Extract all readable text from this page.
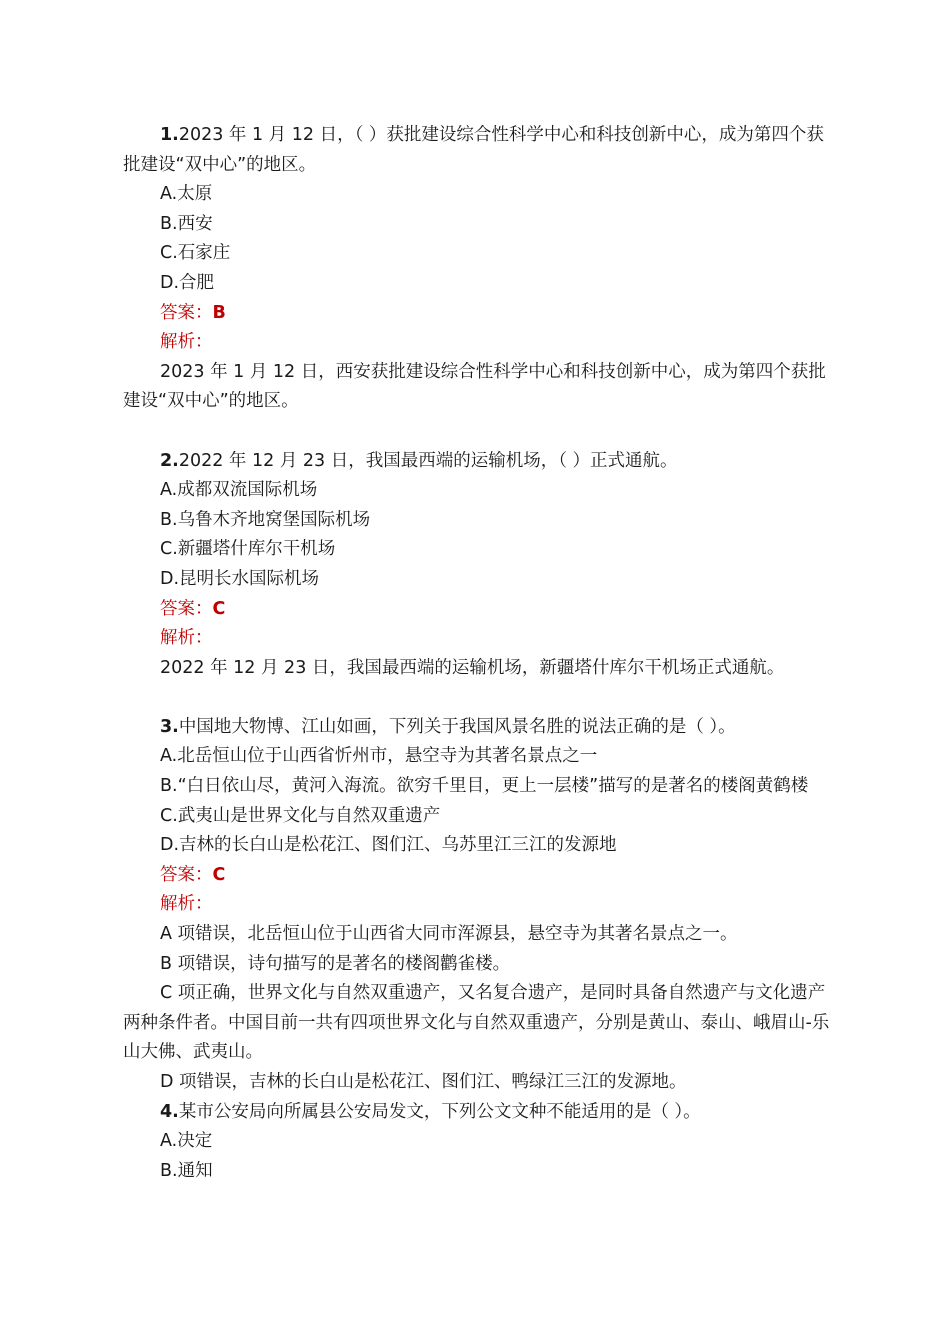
1.2023 年 1 月 12 日，（ ）获批建设综合性科学中心和科技创新中心，成为第四个获批建设“双中心”的地区。

A.太原

B.西安

C.石家庄

D.合肥

答案：B

解析：

2023 年 1 月 12 日，西安获批建设综合性科学中心和科技创新中心，成为第四个获批建设“双中心”的地区。

2.2022 年 12 月 23 日，我国最西端的运输机场，（ ）正式通航。

A.成都双流国际机场

B.乌鲁木齐地窝堡国际机场

C.新疆塔什库尔干机场

D.昆明长水国际机场

答案：C

解析：

2022 年 12 月 23 日，我国最西端的运输机场，新疆塔什库尔干机场正式通航。

3.中国地大物博、江山如画，下列关于我国风景名胜的说法正确的是（ ）。

A.北岳恒山位于山西省忻州市，悬空寺为其著名景点之一

B.“白日依山尽，黄河入海流。欲穷千里目，更上一层楼”描写的是著名的楼阁黄鹤楼

C.武夷山是世界文化与自然双重遗产

D.吉林的长白山是松花江、图们江、乌苏里江三江的发源地

答案：C

解析：

A 项错误，北岳恒山位于山西省大同市浑源县，悬空寺为其著名景点之一。

B 项错误，诗句描写的是著名的楼阁鹳雀楼。

C 项正确，世界文化与自然双重遗产，又名复合遗产，是同时具备自然遗产与文化遗产两种条件者。中国目前一共有四项世界文化与自然双重遗产，分别是黄山、泰山、峨眉山-乐山大佛、武夷山。

D 项错误，吉林的长白山是松花江、图们江、鸭绿江三江的发源地。

4.某市公安局向所属县公安局发文，下列公文文种不能适用的是（ ）。

A.决定

B.通知
